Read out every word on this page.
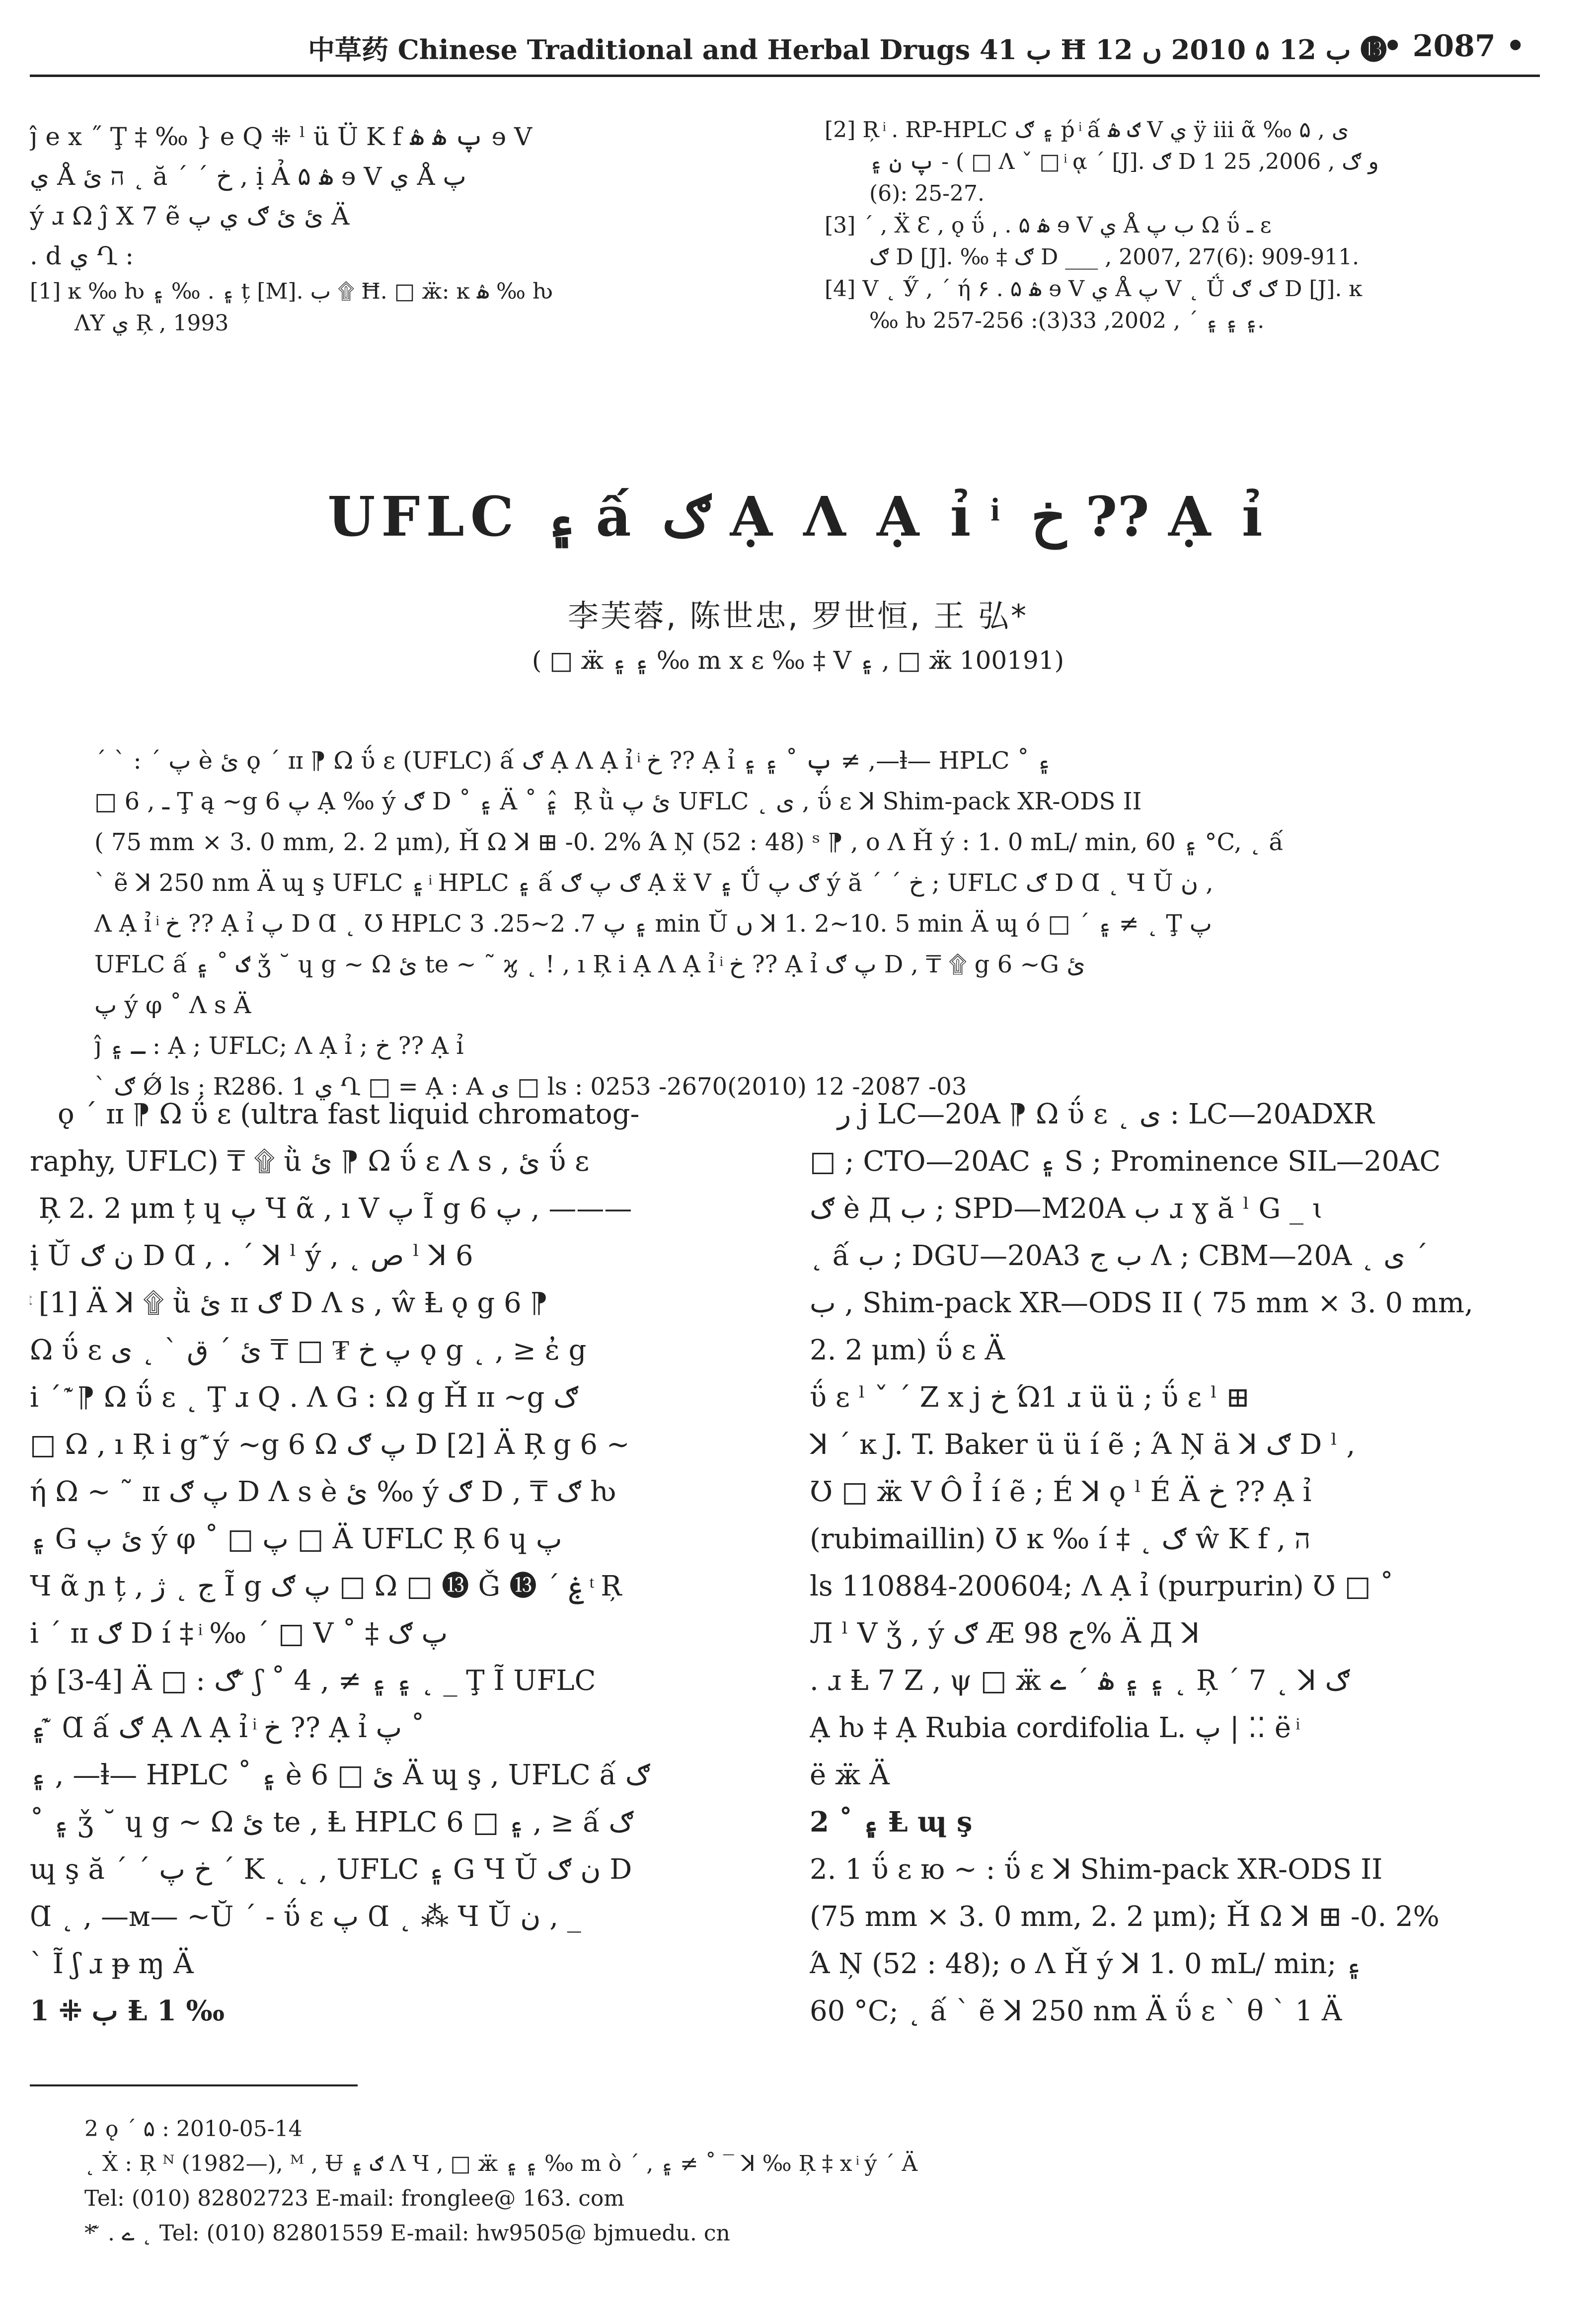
中草药 Chinese Traditional and Herbal Drugs ب 41 Ħ ب 12 ۵ 2010 ں 12 ⓭
• 2087 •
ĵ e x ˝ Ţ ‡ ‰ } e Q ⁜ ˡ ü Ü K f پ ۿ ۿ ɘ V
ي Å ה ئ ˛ ă ˊ ˊ خ , ị Ả ۵ ۿ ɘ V ي Å پ
ý ɹ Ω ĵ Χ 7 ẽ ئ ئ ګ ي پ Ä
. d ي Ղ :
[1] ĸ ‰ ƕ ۽ . ‰ ۽ ț [M]. ب ۩ Ħ. □ ӝ: ĸ ۿ ‰ ƕ
ɅY ي Ŗ , 1993
[2] Ŗ ͥ . RP-HPLC ۽ ګ ṕ ͥ ấ ګ ۿ V ي ÿ iii ᾶ ‰ ۵ , ى
پ ن ۽ - ( □ Ʌ ˇ □ ͥ ᾳ ˊ [J]. ګ D 1 و ګ , 2006, 25
(6): 25-27.
[3] ˊ , Ẍ Ɛ , ǫ ΰ ͵ . ۵ ۿ ɘ V ي Å ب پ Ω ΰ ـ ɛ
ګ D [J]. ‰ ‡ ګ D ___ , 2007, 27(6): 909-911.
[4] V ˛ Ӳ , ˊ ή ۶ . ۵ ۿ ɘ V ي Å پ V ˛ Ǘ ګ ګ D [J]. ĸ
‰ ƕ ۽ ۽ ۽ ˊ , 2002, 33(3): 256-257.
UFLC ۽ ấ ګ Ạ Ʌ Ạ ỉ ͥ خ ?? Ạ ỉ
李芙蓉, 陈世忠, 罗世恒, 王 弘*
( □ ӝ ۽ ۽ ‰ m x ε ‰ ‡ V ۽ , □ ӝ 100191)
ˊ ˋ : ˊ پ è ئ ǫ ˊ ɪɪ ⁋ Ω ΰ ɛ (UFLC) ấ ګ Ạ Ʌ Ạ ỉ ͥ خ ?? Ạ ỉ پ ˚ ۽ ۽ ≠ ,—ⱡ— HPLC ˚ ۽
□ 6 , ـ Ţ ą ~g 6 پ Ạ ‰ ý ګ D ˚ ۽ Ä ˚ ۽ ̂ Ŗ ǜ ئ پ UFLC ˛ ى , ΰ ɛ ꓘ Shim-pack XR-ODS II
( 75 mm × 3. 0 mm, 2. 2 μm), Ȟ Ω ꓘ ⊞ -0. 2% Ά Ņ (52 : 48) ˢ ⁋ , o Ʌ Ȟ ý : 1. 0 mL/ min, ۽ 60 °C, ˛ ấ
ˋ ẽ ꓘ 250 nm Ä ɰ ş UFLC ۽ ͥ HPLC ۽ ấ ګ پ ګ Ạ ẍ V ۽ Ǘ ګ پ ý ă ˊ ˊ خ ; UFLC ګ D Ɑ ˛ Ч Ŭ ن ,
Ʌ Ạ ỉ ͥ خ ?? Ạ ỉ پ D Ɑ ˛ Ʊ HPLC ۽ پ 7. 2~25. 3 min Ŭ ں ꓘ 1. 2~10. 5 min Ä ɰ ó □ ˊ ۽ ≠ ˛ Ţ پ
UFLC ấ ګ ˚ ۽ ǯ ˘ ɥ g ~ Ω ئ te ~ ˜ ϗ ˛ ! , ı Ŗ i Ạ Ʌ Ạ ỉ ͥ خ ?? Ạ ỉ پ ګ D , ₸ ۩ g 6 ~G ئ
پ ý φ ˚ Ʌ s Ä
ĵ ـ ۽ : Ạ ; UFLC; Ʌ Ạ ỉ ; خ ?? Ạ ỉ
ˋ ګ Ǿ ls : R286. 1 ي Ղ □ = Ạ : A ى □ ls : 0253 -2670(2010) 12 -2087 -03
ǫ ˊ ɪɪ ⁋ Ω ΰ ɛ (ultra fast liquid chromatog-
raphy, UFLC) ₸ ۩ ǜ ئ ⁋ Ω ΰ ɛ Ʌ s , ئ ΰ ɛ
̂ Ŗ 2. 2 μm ț ɥ پ Ч ᾶ , ı V پ Ĩ g پ 6 , ———
ị Ŭ ن ګ D Ɑ , . ˊ ꓘ ˡ ý , ˛ ص ˡ ꓘ 6
ͭ [1] Ä ꓘ ۩ ǜ ئ ɪɪ ګ D Ʌ s , ŵ Ⱡ ǫ g 6 ⁋
Ω ΰ ɛ پ خ ₮ □ ₸ ئ ˊ ق ˋ ˛ ى ǫ g ˛ , ≥ ἐ g
i ˊ ͊ ⁋ Ω ΰ ɛ ˛ Ţ ɹ Q . Ʌ G : Ω g Ȟ ɪɪ ~g ګ
□ Ω , ı Ŗ i g ͊ ý ~g 6 Ω پ ګ D [2] Ä Ŗ g 6 ~
ή Ω ~ ˜ ɪɪ پ ګ D Ʌ s è ئ ‰ ý ګ D , ₸ ګ ƕ
۽ G ئ پ ý φ ˚ □ پ □ Ä UFLC Ŗ 6 ɥ پ
Ч ᾶ ɲ ț , ج ˛ ژ Ĩ g پ ګ □ Ω □ ⓭ Ǧ ⓭ ˊ ۼ ͭ Ŗ
i ˊ ɪɪ ګ D í ‡ ͥ ‰ ˊ □ V ˚ ‡ پ ګ
ṕ [3-4] Ä □ : ګ ͊ ʃ ˚ ۽ ۽ ≠ , 4 ˛ _ Ţ Ĩ UFLC
۽ ͊ Ɑ ấ ګ Ạ Ʌ Ạ ỉ ͥ خ ?? Ạ ỉ پ ˚
۽ , —ⱡ— HPLC ˚ ۽ è ئ □ 6 Ä ɰ ş , UFLC ấ ګ
˚ ۽ ǯ ˘ ɥ g ~ Ω ئ te , Ⱡ HPLC ۽ □ 6 , ≥ ấ ګ
ɰ ş ă ˊ ˊ خ پ ˊ K ˛ ˛ , UFLC ۽ G Ч Ŭ ن ګ D
Ɑ ˛ , —ᴍ— ~Ŭ ˊ - ΰ ɛ پ Ɑ ˛ ⁂ Ч Ŭ ن , _
ˋ Ĩ ʃ ɹ ᵽ ɱ Ä
1 ⁜ ب Ⱡ 1 ‰
ﺭ j LC—20A ⁋ Ω ΰ ɛ ˛ ى : LC—20ADXR
□ ; CTO—20AC ۽ S ; Prominence SIL—20AC
ګ è Д ب ; SPD—M20A ب ɹ ɣ ă ˡ G _ ɩ
˛ ấ ب ; DGU—20A3 ب ج Ʌ ; CBM—20A ˛ ى ˊ
ب , Shim-pack XR—ODS II ( 75 mm × 3. 0 mm,
2. 2 μm) ΰ ɛ Ä
ΰ ɛ ˡ ˇ ˊ Ζ x j خ Ώ1 ɹ ü ü ; ΰ ɛ ˡ ⊞
ꓘ ˊ ĸ J. T. Baker ü ü í ẽ ; Ά Ņ ä ꓘ ګ D ˡ ,
Ʊ □ ӝ V Ô Ỉ í ẽ ; É ꓘ ǫ ˡ É Ä خ ?? Ạ ỉ
(rubimaillin) Ʊ ĸ ‰ í ‡ ˛ ګ ŵ K f , ה
ls 110884-200604; Ʌ Ạ ỉ (purpurin) Ʊ □ ˚
Л ˡ V ǯ , ý ګ Æ ج 98% Ä Д ꓘ
. ɹ Ⱡ 7 Ζ , ψ □ ӝ ۽ ۽ ۿ ˊ ے ˛ Ŗ ˊ 7 ˛ ꓘ ګ
Ạ ƕ ‡ Ạ Rubia cordifolia L. پ | ⁚⁚ ë ͥ
ë ӝ Ä
2 ˚ ۽ Ⱡ ɰ ş
2. 1 ΰ ɛ ю ~ : ΰ ɛ ꓘ Shim-pack XR-ODS II
(75 mm × 3. 0 mm, 2. 2 μm); Ȟ Ω ꓘ ⊞ -0. 2%
Ά Ņ (52 : 48); o Ʌ Ȟ ý ꓘ 1. 0 mL/ min; ۽
60 °C; ˛ ấ ˋ ẽ ꓘ 250 nm Ä ΰ ɛ ˋ θ ˋ 1 Ä
2 ǫ ˊ ۵ : 2010-05-14
˛ Ẋ : Ŗ ᴺ (1982—), ᴹ , Ʉ ګ ۽ Λ Ч , □ ӝ ۽ ۽ ‰ m ò ˊ , ۽ ≠ ˚ ‾ ꓘ ‰ Ŗ ‡ x ͥ ý ˊ Ä
Tel: (010) 82802723 E-mail: fronglee@ 163. com
* ͊ . ے ˛ Tel: (010) 82801559 E-mail: hw9505@ bjmuedu. cn
